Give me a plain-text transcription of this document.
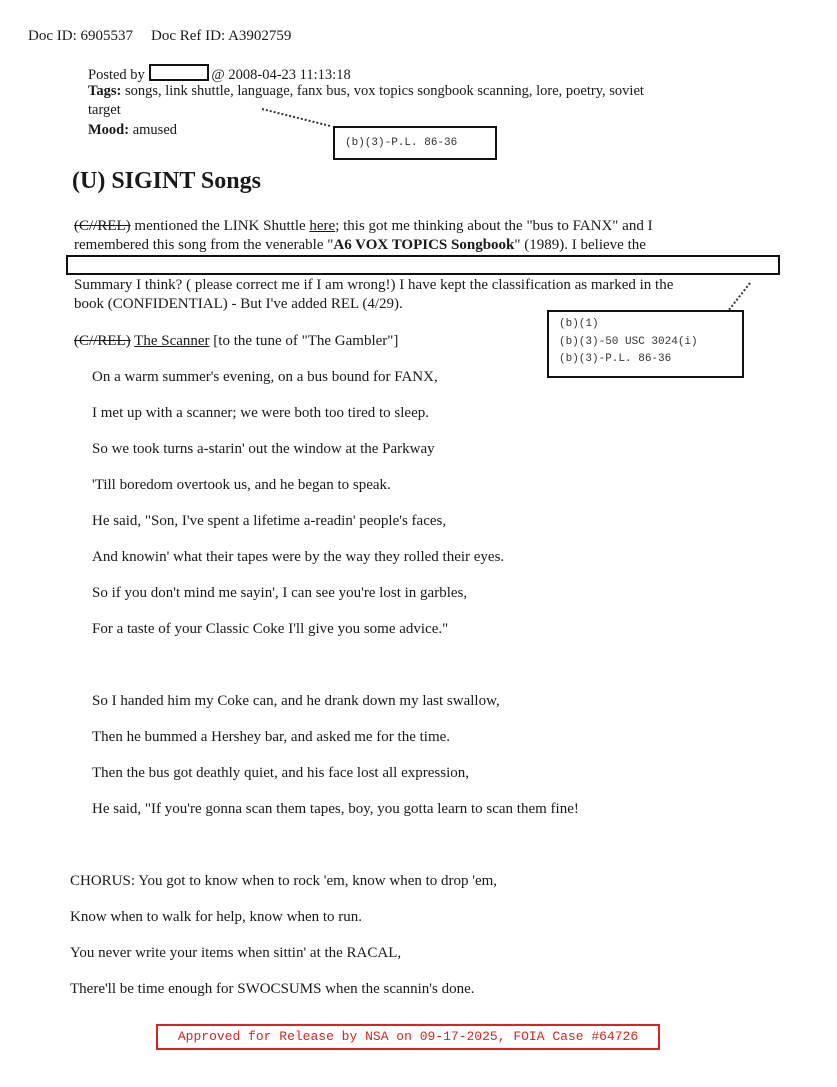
Doc ID: 6905537 Doc Ref ID: A3902759
Posted by	@ 2008-04-23 11:13:18
Tags: songs, link shuttle, language, fanx bus, vox topics songbook scanning, lore, poetry, soviet
target
Mood: amused
(b)(3)-P.L. 86-36
(U) SIGINT Songs
(C//REL) mentioned the LINK Shuttle here; this got me thinking about the "bus to FANX" and I
remembered this song from the venerable "A6 VOX TOPICS Songbook" (1989). I believe the
Summary I think? ( please correct me if I am wrong!) I have kept the classification as marked in the
book (CONFIDENTIAL) - But I've added REL (4/29).
(b)(1)
(b)(3)-50 USC 3024(i)
(b)(3)-P.L. 86-36
(C//REL) The Scanner [to the tune of "The Gambler"]
On a warm summer's evening, on a bus bound for FANX,
I met up with a scanner; we were both too tired to sleep.
So we took turns a-starin' out the window at the Parkway
'Till boredom overtook us, and he began to speak.
He said, "Son, I've spent a lifetime a-readin' people's faces,
And knowin' what their tapes were by the way they rolled their eyes.
So if you don't mind me sayin', I can see you're lost in garbles,
For a taste of your Classic Coke I'll give you some advice."
So I handed him my Coke can, and he drank down my last swallow,
Then he bummed a Hershey bar, and asked me for the time.
Then the bus got deathly quiet, and his face lost all expression,
He said, "If you're gonna scan them tapes, boy, you gotta learn to scan them fine!
CHORUS: You got to know when to rock 'em, know when to drop 'em,
Know when to walk for help, know when to run.
You never write your items when sittin' at the RACAL,
There'll be time enough for SWOCSUMS when the scannin's done.
Approved for Release by NSA on 09-17-2025, FOIA Case #64726
